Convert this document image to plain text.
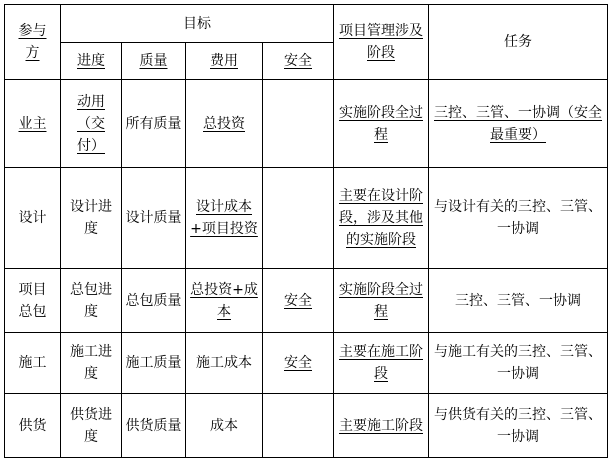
参与方	目标				项目管理涉及阶段	任务
	进度	质量	费用	安全		
业主	动用（交付）	所有质量	总投资		实施阶段全过程	三控、三管、一协调（安全最重要）
设计	设计进度	设计质量	设计成本+项目投资		主要在设计阶段，涉及其他的实施阶段	与设计有关的三控、三管、一协调
项目总包	总包进度	总包质量	总投资+成本	安全	实施阶段全过程	三控、三管、一协调
施工	施工进度	施工质量	施工成本	安全	主要在施工阶段	与施工有关的三控、三管、一协调
供货	供货进度	供货质量	成本		主要施工阶段	与供货有关的三控、三管、一协调
